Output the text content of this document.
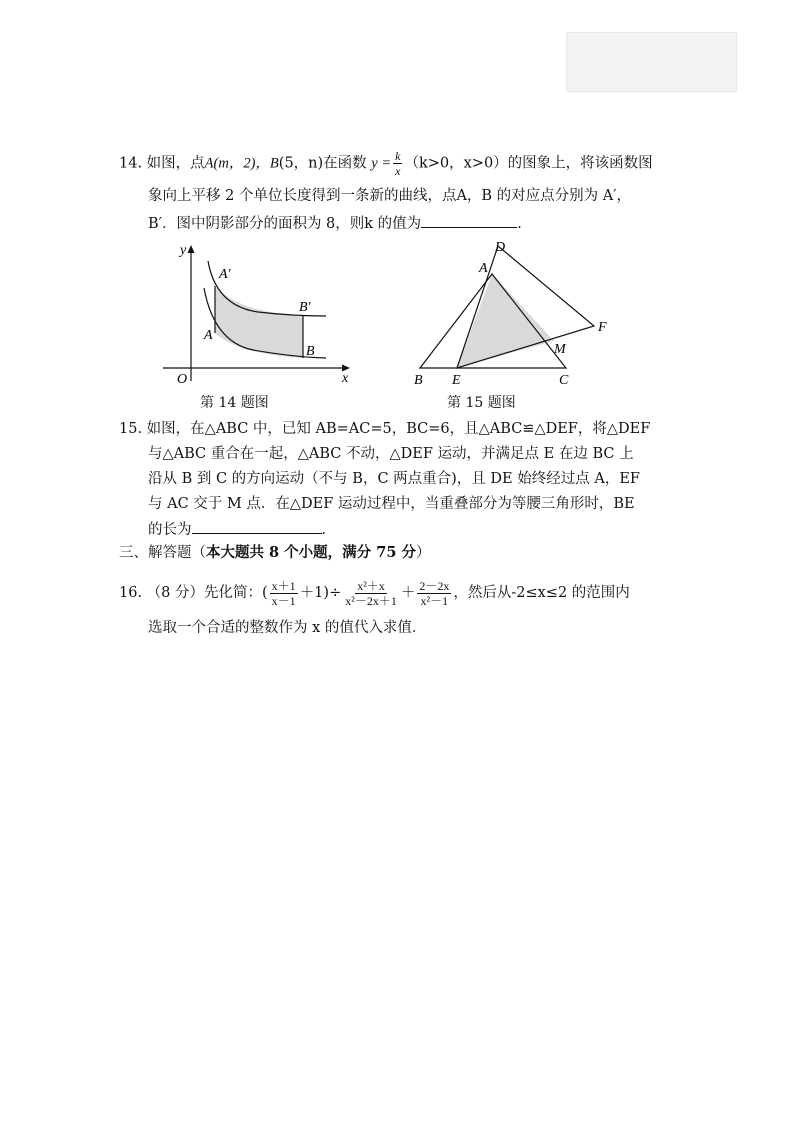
14. 如图，点A(m，2)，B(5，n)在函数 $y = \frac{k}{x} (k>0$，x>0）的图象上，将该函数图
象向上平移 2 个单位长度得到一条新的曲线，点A，B 的对应点分别为 A′，
B′．图中阴影部分的面积为 8，则k 的值为	．
y
x
O
A′
A
B′
B
第 14 题图
D
A
F
M
B E	C
第 15 题图
15. 如图，在△ABC 中，已知 AB=AC=5，BC=6，且△ABC≌△DEF，将△DEF
与△ABC 重合在一起，△ABC 不动，△DEF 运动，并满足点 E 在边 BC 上
沿从 B 到 C 的方向运动（不与 B，C 两点重合)，且 DE 始终经过点 A，EF
与 AC 交于 M 点．在△DEF 运动过程中，当重叠部分为等腰三角形时，BE
的长为	．
三、解答题（本大题共 8 个小题，满分 75 分）
16. （8 分）先化简：( $\frac{x+1}{x-1} +1)\div \frac{\text{x²＋x}}{\text{x²－2x＋1}} + \frac{2-2x}{\text{x²－1}}$ ，然后从-2≤x≤2 的范围内
选取一个合适的整数作为 x 的值代入求值．
